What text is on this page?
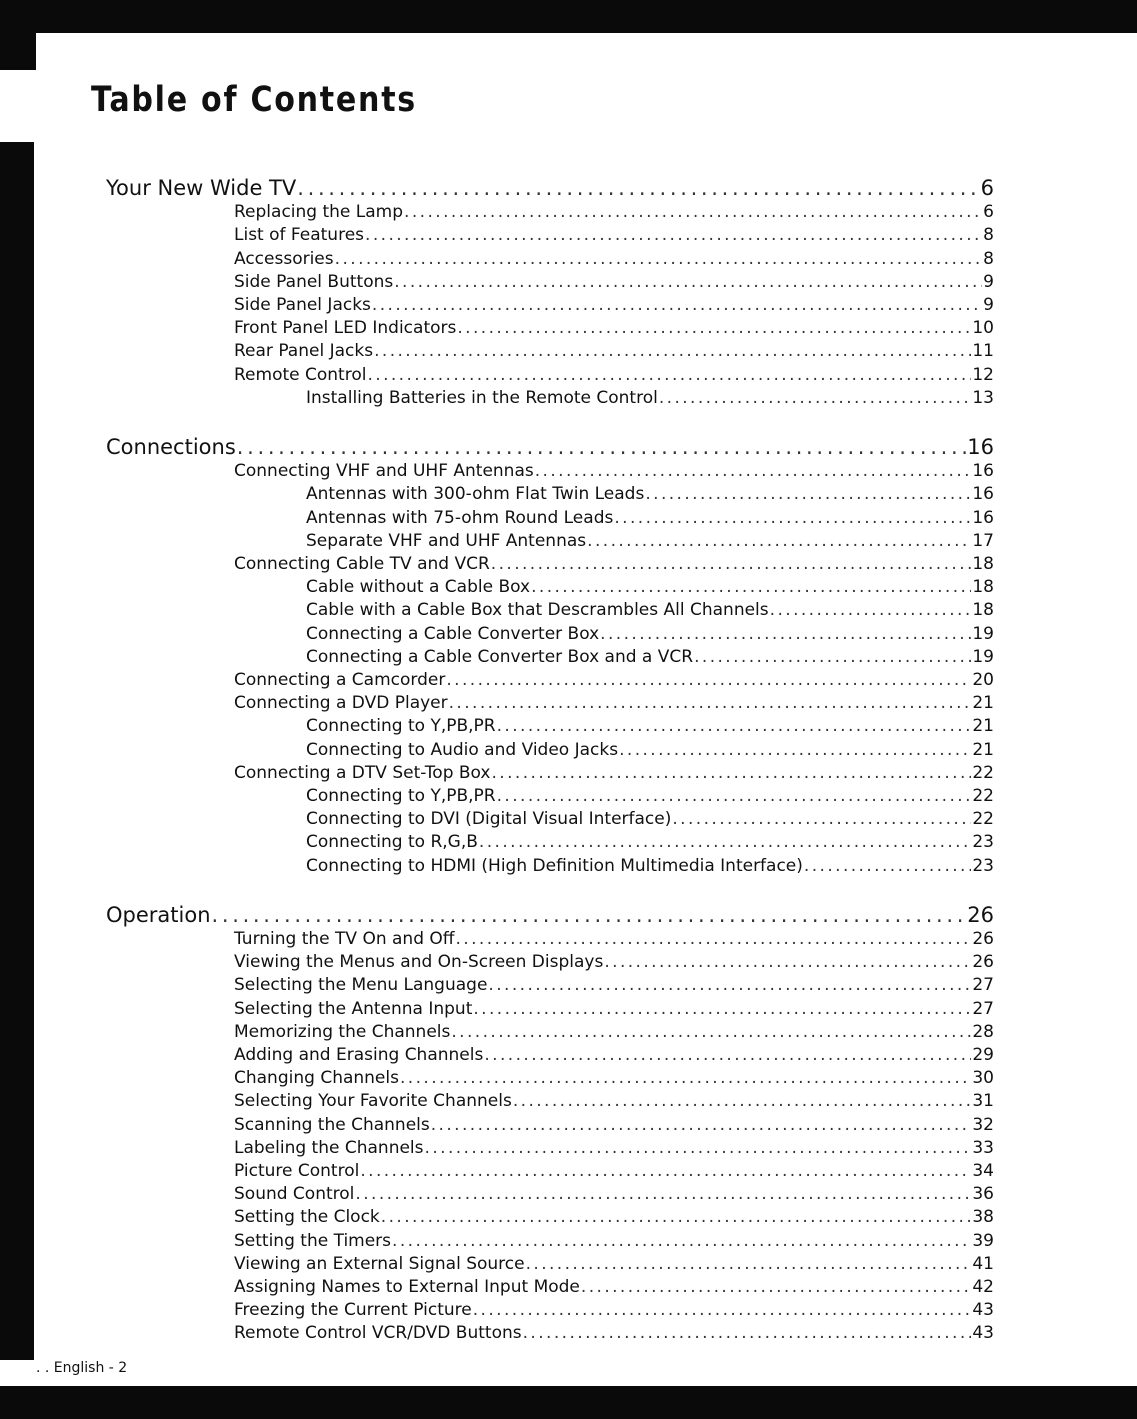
Table of Contents
Your New Wide TV . . .	6
Replacing the Lamp . . .	6
List of Features . . .	8
Accessories . . .	8
Side Panel Buttons . . .	9
Side Panel Jacks . . .	9
Front Panel LED Indicators . . .	10
Rear Panel Jacks . . .	11
Remote Control . . .	12
Installing Batteries in the Remote Control . . .	13
Connections . . .	16
Connecting VHF and UHF Antennas . . .	16
Antennas with 300-ohm Flat Twin Leads . . .	16
Antennas with 75-ohm Round Leads . . .	16
Separate VHF and UHF Antennas . . .	17
Connecting Cable TV and VCR . . .	18
Cable without a Cable Box . . .	18
Cable with a Cable Box that Descrambles All Channels . . .	18
Connecting a Cable Converter Box . . .	19
Connecting a Cable Converter Box and a VCR . . .	19
Connecting a Camcorder . . .	20
Connecting a DVD Player . . .	21
Connecting to Y,PB,PR . . .	21
Connecting to Audio and Video Jacks . . .	21
Connecting a DTV Set-Top Box . . .	22
Connecting to Y,PB,PR . . .	22
Connecting to DVI (Digital Visual Interface) . . .	22
Connecting to R,G,B . . .	23
Connecting to HDMI (High Definition Multimedia Interface) . . .	23
Operation . . .	26
Turning the TV On and Off . . .	26
Viewing the Menus and On-Screen Displays . . .	26
Selecting the Menu Language . . .	27
Selecting the Antenna Input . . .	27
Memorizing the Channels . . .	28
Adding and Erasing Channels . . .	29
Changing Channels . . .	30
Selecting Your Favorite Channels . . .	31
Scanning the Channels . . .	32
Labeling the Channels . . .	33
Picture Control . . .	34
Sound Control . . .	36
Setting the Clock . . .	38
Setting the Timers . . .	39
Viewing an External Signal Source . . .	41
Assigning Names to External Input Mode . . .	42
Freezing the Current Picture . . .	43
Remote Control VCR/DVD Buttons . . .	43
. . English - 2
